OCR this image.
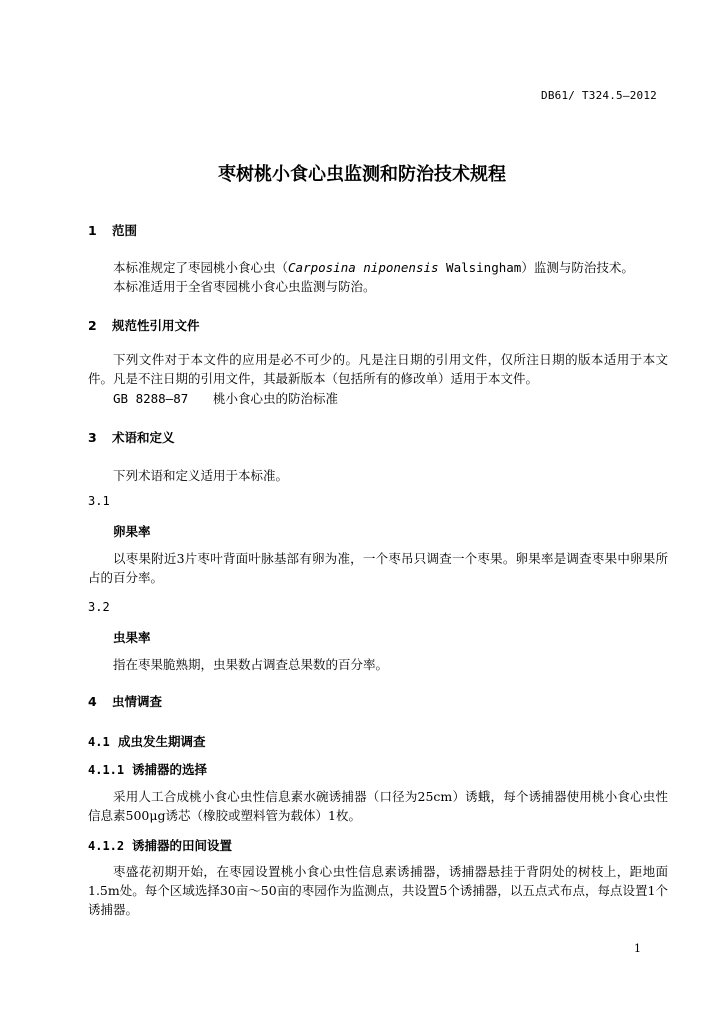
DB61/ T324.5—2012
枣树桃小食心虫监测和防治技术规程
1 范围
本标准规定了枣园桃小食心虫（Carposina niponensis Walsingham）监测与防治技术。
本标准适用于全省枣园桃小食心虫监测与防治。
2 规范性引用文件
下列文件对于本文件的应用是必不可少的。凡是注日期的引用文件，仅所注日期的版本适用于本文件。凡是不注日期的引用文件，其最新版本（包括所有的修改单）适用于本文件。
GB 8288—87 桃小食心虫的防治标准
3 术语和定义
下列术语和定义适用于本标准。
3.1
卵果率
以枣果附近3片枣叶背面叶脉基部有卵为准，一个枣吊只调查一个枣果。卵果率是调查枣果中卵果所占的百分率。
3.2
虫果率
指在枣果脆熟期，虫果数占调查总果数的百分率。
4 虫情调查
4.1 成虫发生期调查
4.1.1 诱捕器的选择
采用人工合成桃小食心虫性信息素水碗诱捕器（口径为25cm）诱蛾，每个诱捕器使用桃小食心虫性信息素500μg诱芯（橡胶或塑料管为载体）1枚。
4.1.2 诱捕器的田间设置
枣盛花初期开始，在枣园设置桃小食心虫性信息素诱捕器，诱捕器悬挂于背阴处的树枝上，距地面1.5m处。每个区域选择30亩～50亩的枣园作为监测点，共设置5个诱捕器，以五点式布点，每点设置1个诱捕器。
1
